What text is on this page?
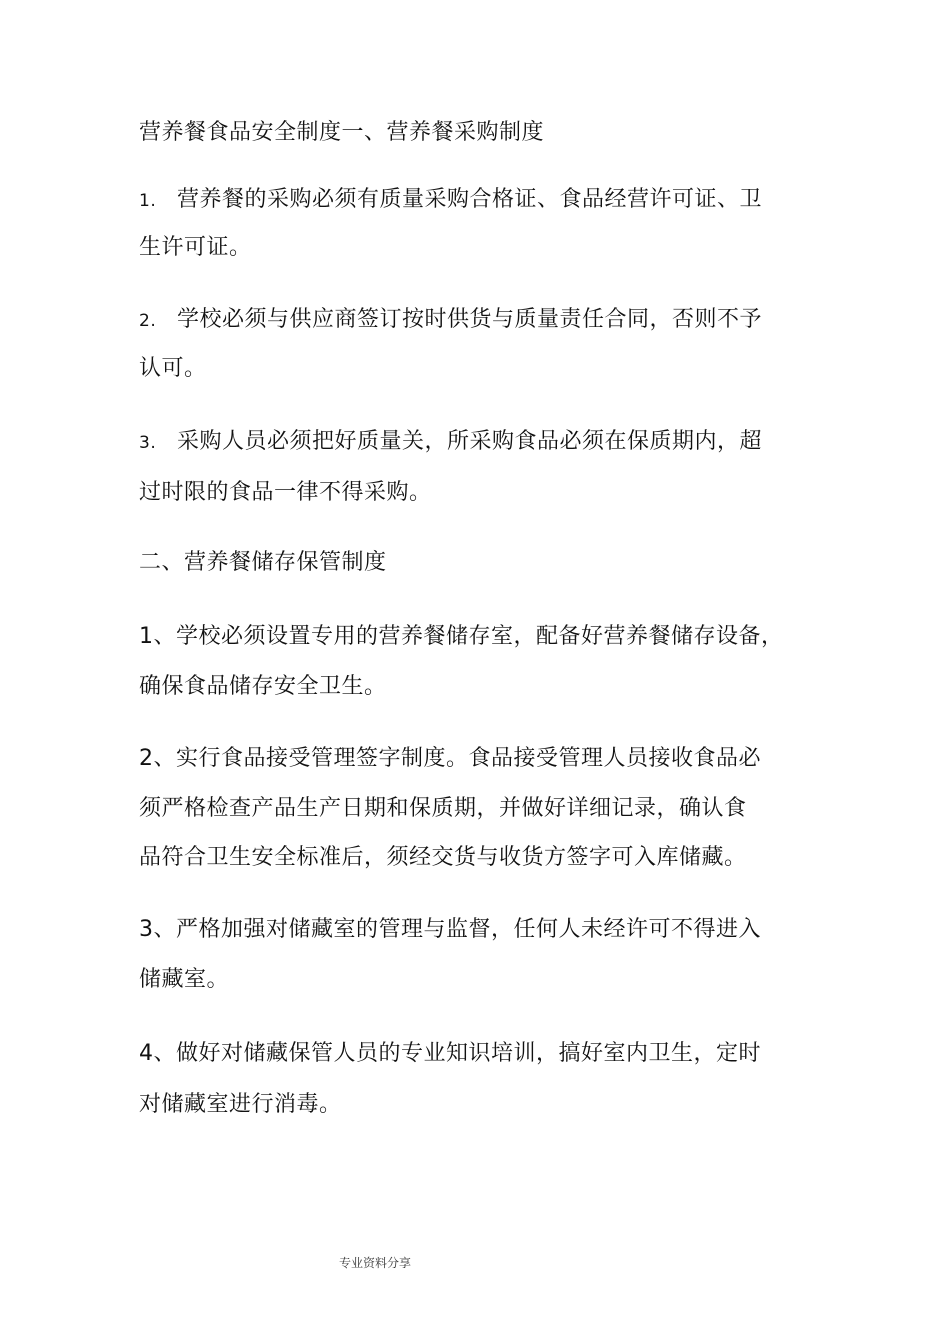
营养餐食品安全制度一、营养餐采购制度
1. 营养餐的采购必须有质量采购合格证、食品经营许可证、卫
生许可证。
2. 学校必须与供应商签订按时供货与质量责任合同，否则不予
认可。
3. 采购人员必须把好质量关，所采购食品必须在保质期内，超
过时限的食品一律不得采购。
二、营养餐储存保管制度
1、学校必须设置专用的营养餐储存室，配备好营养餐储存设备，
确保食品储存安全卫生。
2、实行食品接受管理签字制度。食品接受管理人员接收食品必
须严格检查产品生产日期和保质期，并做好详细记录，确认食
品符合卫生安全标准后，须经交货与收货方签字可入库储藏。
3、严格加强对储藏室的管理与监督，任何人未经许可不得进入
储藏室。
4、做好对储藏保管人员的专业知识培训，搞好室内卫生，定时
对储藏室进行消毒。
专业资料分享
